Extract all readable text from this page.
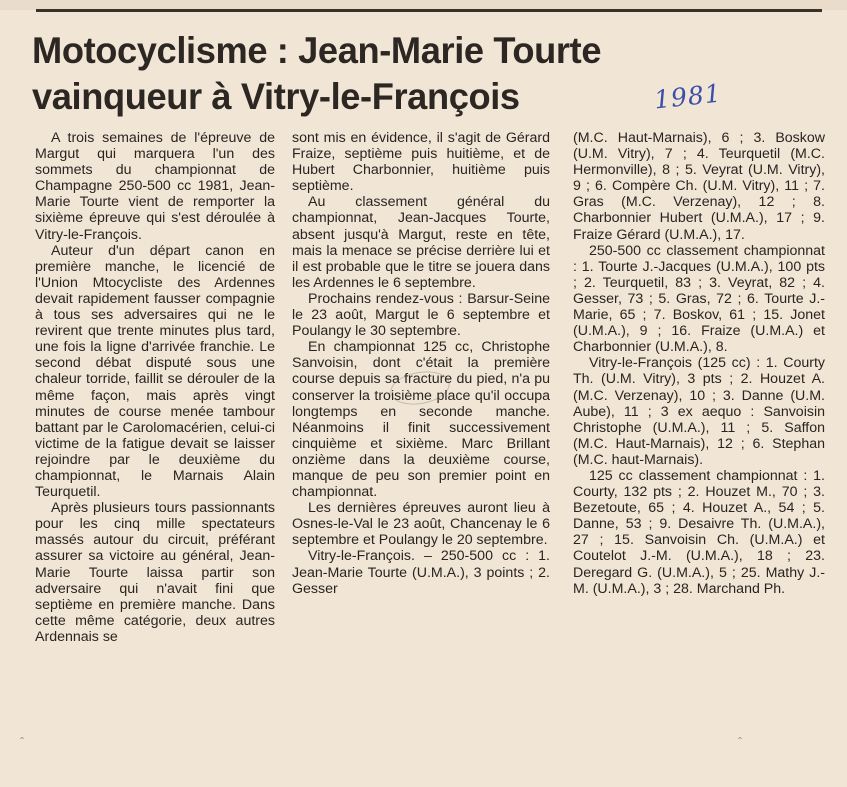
Motocyclisme : Jean-Marie Tourte
vainqueur à Vitry-le-François	1981

A trois semaines de l'épreuve de Margut qui marquera l'un des sommets du championnat de Champagne 250-500 cc 1981, Jean-Marie Tourte vient de remporter la sixième épreuve qui s'est déroulée à Vitry-le-François.

Auteur d'un départ canon en première manche, le licencié de l'Union Mtocycliste des Ardennes devait rapidement fausser compagnie à tous ses adversaires qui ne le revirent que trente minutes plus tard, une fois la ligne d'arrivée franchie. Le second débat disputé sous une chaleur torride, faillit se dérouler de la même façon, mais après vingt minutes de course menée tambour battant par le Carolomacérien, celui-ci victime de la fatigue devait se laisser rejoindre par le deuxième du championnat, le Marnais Alain Teurquetil.

Après plusieurs tours passionnants pour les cinq mille spectateurs massés autour du circuit, préférant assurer sa victoire au général, Jean-Marie Tourte laissa partir son adversaire qui n'avait fini que septième en première manche. Dans cette même catégorie, deux autres Ardennais se

sont mis en évidence, il s'agit de Gérard Fraize, septième puis huitième, et de Hubert Charbonnier, huitième puis septième.

Au classement général du championnat, Jean-Jacques Tourte, absent jusqu'à Margut, reste en tête, mais la menace se précise derrière lui et il est probable que le titre se jouera dans les Ardennes le 6 septembre.

Prochains rendez-vous : Barsur-Seine le 23 août, Margut le 6 septembre et Poulangy le 30 septembre.

En championnat 125 cc, Christophe Sanvoisin, dont c'était la première course depuis sa fracture du pied, n'a pu conserver la troisième place qu'il occupa longtemps en seconde manche. Néanmoins il finit successivement cinquième et sixième. Marc Brillant onzième dans la deuxième course, manque de peu son premier point en championnat.

Les dernières épreuves auront lieu à Osnes-le-Val le 23 août, Chancenay le 6 septembre et Poulangy le 20 septembre.

Vitry-le-François. – 250-500 cc : 1. Jean-Marie Tourte (U.M.A.), 3 points ; 2. Gesser

(M.C. Haut-Marnais), 6 ; 3. Boskow (U.M. Vitry), 7 ; 4. Teurquetil (M.C. Hermonville), 8 ; 5. Veyrat (U.M. Vitry), 9 ; 6. Compère Ch. (U.M. Vitry), 11 ; 7. Gras (M.C. Verzenay), 12 ; 8. Charbonnier Hubert (U.M.A.), 17 ; 9. Fraize Gérard (U.M.A.), 17.

250-500 cc classement championnat : 1. Tourte J.-Jacques (U.M.A.), 100 pts ; 2. Teurquetil, 83 ; 3. Veyrat, 82 ; 4. Gesser, 73 ; 5. Gras, 72 ; 6. Tourte J.-Marie, 65 ; 7. Boskov, 61 ; 15. Jonet (U.M.A.), 9 ; 16. Fraize (U.M.A.) et Charbonnier (U.M.A.), 8.

Vitry-le-François (125 cc) : 1. Courty Th. (U.M. Vitry), 3 pts ; 2. Houzet A. (M.C. Verzenay), 10 ; 3. Danne (U.M. Aube), 11 ; 3 ex aequo : Sanvoisin Christophe (U.M.A.), 11 ; 5. Saffon (M.C. Haut-Marnais), 12 ; 6. Stephan (M.C. haut-Marnais).

125 cc classement championnat : 1. Courty, 132 pts ; 2. Houzet M., 70 ; 3. Bezetoute, 65 ; 4. Houzet A., 54 ; 5. Danne, 53 ; 9. Desaivre Th. (U.M.A.), 27 ; 15. Sanvoisin Ch. (U.M.A.) et Coutelot J.-M. (U.M.A.), 18 ; 23. Deregard G. (U.M.A.), 5 ; 25. Mathy J.-M. (U.M.A.), 3 ; 28. Marchand Ph.

ˆ	ˆ
